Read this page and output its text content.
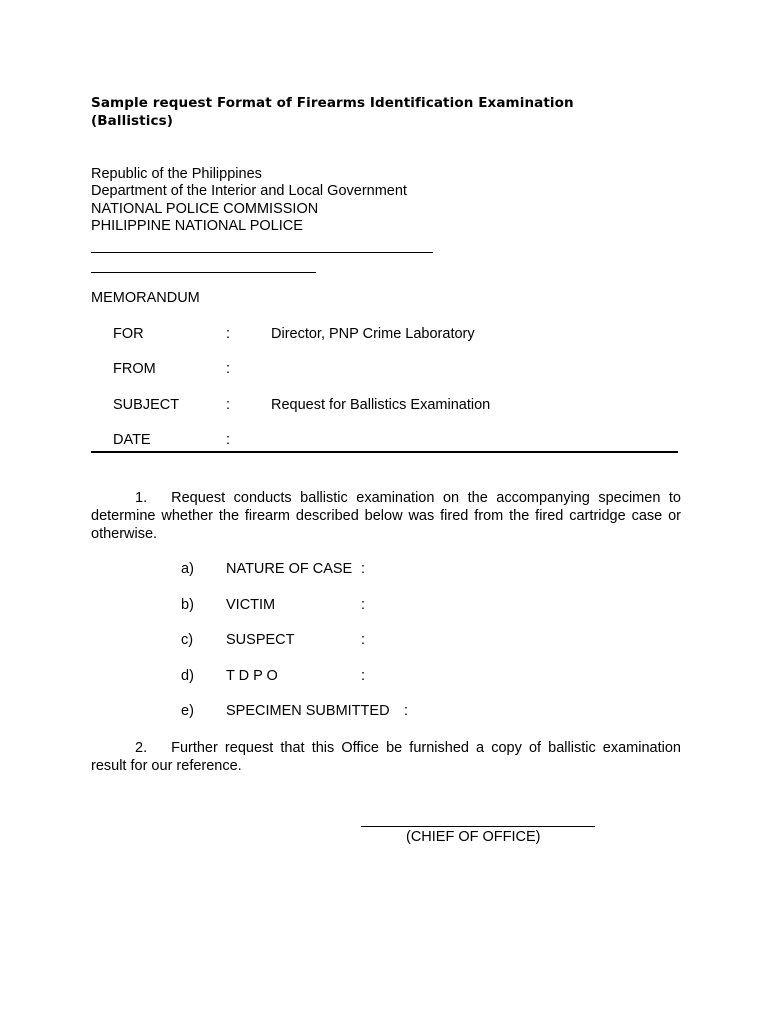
Sample request Format of Firearms Identification Examination
(Ballistics)
Republic of the Philippines
Department of the Interior and Local Government
NATIONAL POLICE COMMISSION
PHILIPPINE NATIONAL POLICE
MEMORANDUM
FOR	:	Director, PNP Crime Laboratory
FROM	:
SUBJECT	:	Request for Ballistics Examination
DATE	:
1. Request conducts ballistic examination on the accompanying specimen to determine whether the firearm described below was fired from the fired cartridge case or otherwise.
a) NATURE OF CASE :
b) VICTIM	:
c) SUSPECT	:
d) T D P O	:
e) SPECIMEN SUBMITTED :
2. Further request that this Office be furnished a copy of ballistic examination result for our reference.
(CHIEF OF OFFICE)
